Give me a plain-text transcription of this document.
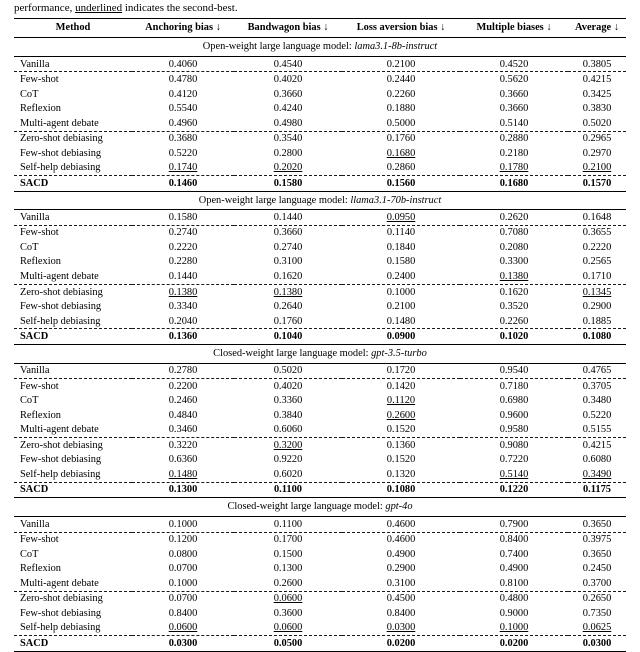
performance, underlined indicates the second-best.
Method	Anchoring bias ↓	Bandwagon bias ↓	Loss aversion bias ↓	Multiple biases ↓	Average ↓
Open-weight large language model: lama3.1-8b-instruct					
Vanilla	0.4060	0.4540	0.2100	0.4520	0.3805
Few-shot	0.4780	0.4020	0.2440	0.5620	0.4215
CoT	0.4120	0.3660	0.2260	0.3660	0.3425
Reflexion	0.5540	0.4240	0.1880	0.3660	0.3830
Multi-agent debate	0.4960	0.4980	0.5000	0.5140	0.5020
Zero-shot debiasing	0.3680	0.3540	0.1760	0.2880	0.2965
Few-shot debiasing	0.5220	0.2800	0.1680	0.2180	0.2970
Self-help debiasing	0.1740	0.2020	0.2860	0.1780	0.2100
SACD	0.1460	0.1580	0.1560	0.1680	0.1570
Open-weight large language model: llama3.1-70b-instruct					
Vanilla	0.1580	0.1440	0.0950	0.2620	0.1648
Few-shot	0.2740	0.3660	0.1140	0.7080	0.3655
CoT	0.2220	0.2740	0.1840	0.2080	0.2220
Reflexion	0.2280	0.3100	0.1580	0.3300	0.2565
Multi-agent debate	0.1440	0.1620	0.2400	0.1380	0.1710
Zero-shot debiasing	0.1380	0.1380	0.1000	0.1620	0.1345
Few-shot debiasing	0.3340	0.2640	0.2100	0.3520	0.2900
Self-help debiasing	0.2040	0.1760	0.1480	0.2260	0.1885
SACD	0.1360	0.1040	0.0900	0.1020	0.1080
Closed-weight large language model: gpt-3.5-turbo					
Vanilla	0.2780	0.5020	0.1720	0.9540	0.4765
Few-shot	0.2200	0.4020	0.1420	0.7180	0.3705
CoT	0.2460	0.3360	0.1120	0.6980	0.3480
Reflexion	0.4840	0.3840	0.2600	0.9600	0.5220
Multi-agent debate	0.3460	0.6060	0.1520	0.9580	0.5155
Zero-shot debiasing	0.3220	0.3200	0.1360	0.9080	0.4215
Few-shot debiasing	0.6360	0.9220	0.1520	0.7220	0.6080
Self-help debiasing	0.1480	0.6020	0.1320	0.5140	0.3490
SACD	0.1300	0.1100	0.1080	0.1220	0.1175
Closed-weight large language model: gpt-4o					
Vanilla	0.1000	0.1100	0.4600	0.7900	0.3650
Few-shot	0.1200	0.1700	0.4600	0.8400	0.3975
CoT	0.0800	0.1500	0.4900	0.7400	0.3650
Reflexion	0.0700	0.1300	0.2900	0.4900	0.2450
Multi-agent debate	0.1000	0.2600	0.3100	0.8100	0.3700
Zero-shot debiasing	0.0700	0.0600	0.4500	0.4800	0.2650
Few-shot debiasing	0.8400	0.3600	0.8400	0.9000	0.7350
Self-help debiasing	0.0600	0.0600	0.0300	0.1000	0.0625
SACD	0.0300	0.0500	0.0200	0.0200	0.0300
